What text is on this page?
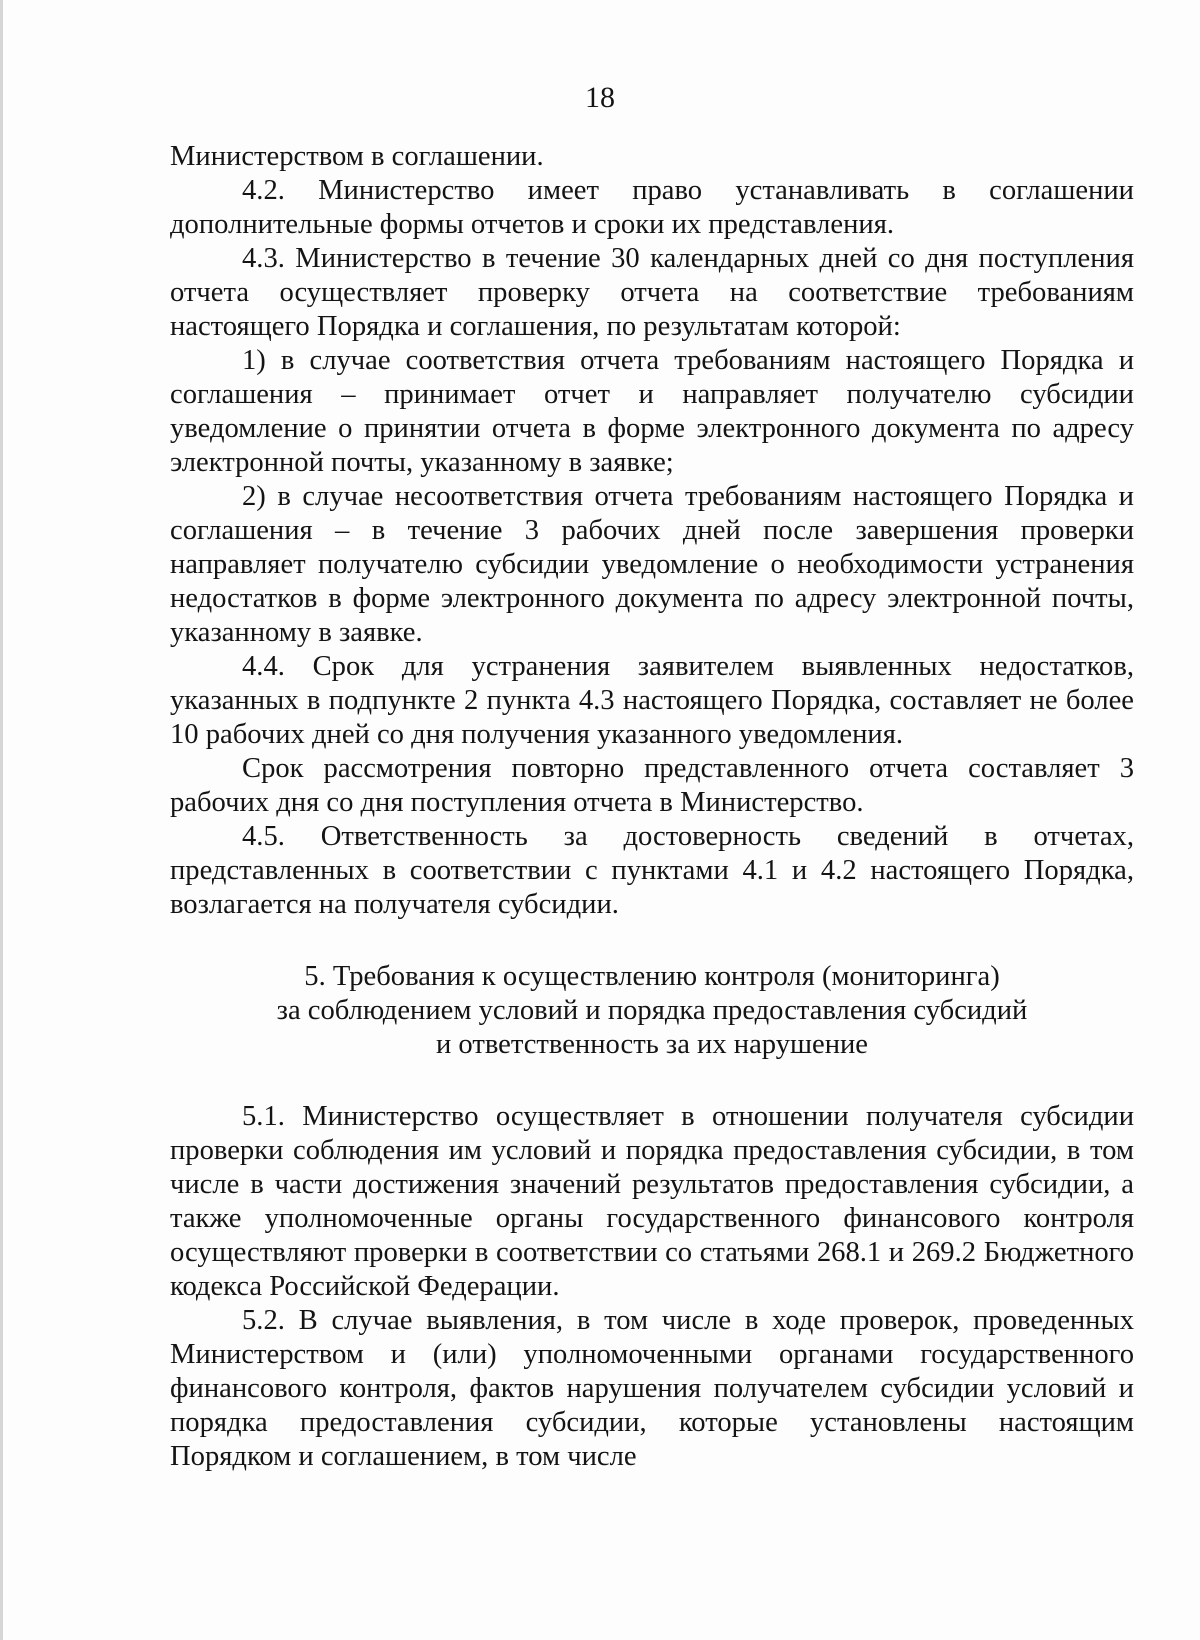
18

Министерством в соглашении.

4.2. Министерство имеет право устанавливать в соглашении дополнительные формы отчетов и сроки их представления.

4.3. Министерство в течение 30 календарных дней со дня поступления отчета осуществляет проверку отчета на соответствие требованиям настоящего Порядка и соглашения, по результатам которой:

1) в случае соответствия отчета требованиям настоящего Порядка и соглашения – принимает отчет и направляет получателю субсидии уведомление о принятии отчета в форме электронного документа по адресу электронной почты, указанному в заявке;

2) в случае несоответствия отчета требованиям настоящего Порядка и соглашения – в течение 3 рабочих дней после завершения проверки направляет получателю субсидии уведомление о необходимости устранения недостатков в форме электронного документа по адресу электронной почты, указанному в заявке.

4.4. Срок для устранения заявителем выявленных недостатков, указанных в подпункте 2 пункта 4.3 настоящего Порядка, составляет не более 10 рабочих дней со дня получения указанного уведомления.

Срок рассмотрения повторно представленного отчета составляет 3 рабочих дня со дня поступления отчета в Министерство.

4.5. Ответственность за достоверность сведений в отчетах, представленных в соответствии с пунктами 4.1 и 4.2 настоящего Порядка, возлагается на получателя субсидии.

5. Требования к осуществлению контроля (мониторинга)
за соблюдением условий и порядка предоставления субсидий
и ответственность за их нарушение

5.1. Министерство осуществляет в отношении получателя субсидии проверки соблюдения им условий и порядка предоставления субсидии, в том числе в части достижения значений результатов предоставления субсидии, а также уполномоченные органы государственного финансового контроля осуществляют проверки в соответствии со статьями 268.1 и 269.2 Бюджетного кодекса Российской Федерации.

5.2. В случае выявления, в том числе в ходе проверок, проведенных Министерством и (или) уполномоченными органами государственного финансового контроля, фактов нарушения получателем субсидии условий и порядка предоставления субсидии, которые установлены настоящим Порядком и соглашением, в том числе
